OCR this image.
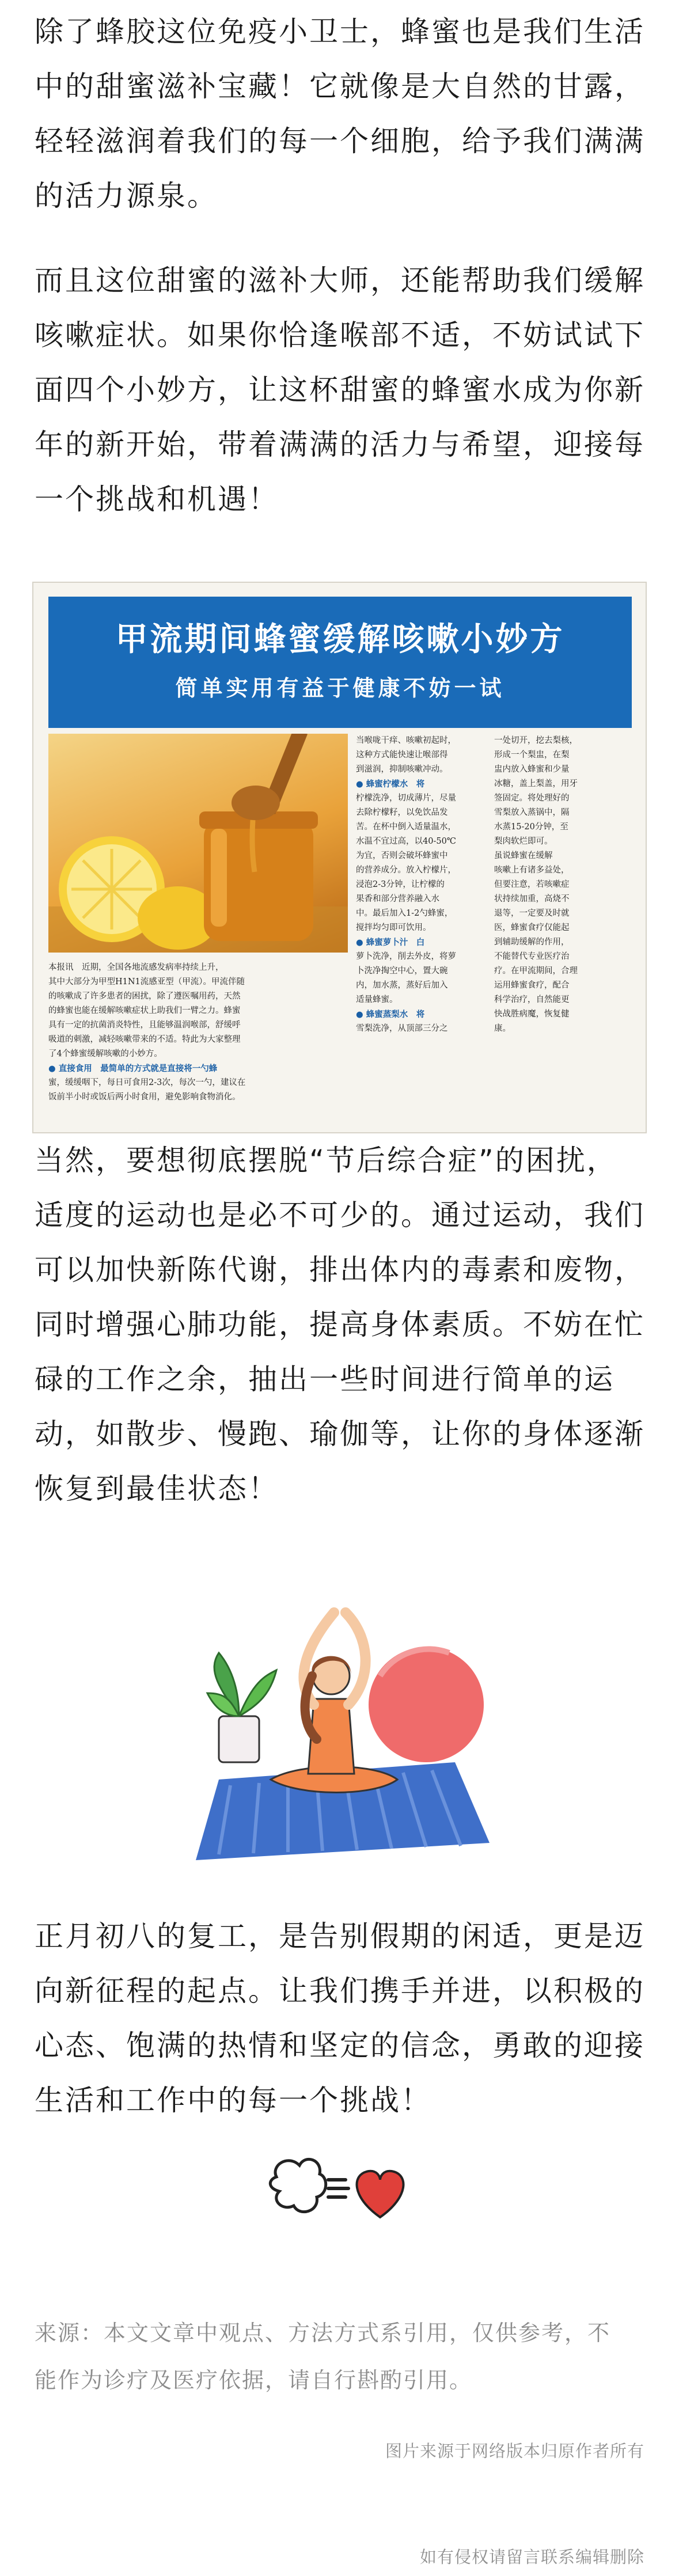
除了蜂胶这位免疫小卫士，蜂蜜也是我们生活
中的甜蜜滋补宝藏！它就像是大自然的甘露，
轻轻滋润着我们的每一个细胞，给予我们满满
的活力源泉。
而且这位甜蜜的滋补大师，还能帮助我们缓解
咳嗽症状。如果你恰逢喉部不适，不妨试试下
面四个小妙方，让这杯甜蜜的蜂蜜水成为你新
年的新开始，带着满满的活力与希望，迎接每
一个挑战和机遇！
甲流期间蜂蜜缓解咳嗽小妙方
简单实用有益于健康不妨一试
本报讯　近期，全国各地流感发病率持续上升，
其中大部分为甲型H1N1流感亚型（甲流）。甲流伴随
的咳嗽成了许多患者的困扰，除了遵医嘱用药，天然
的蜂蜜也能在缓解咳嗽症状上助我们一臂之力。蜂蜜
具有一定的抗菌消炎特性，且能够温润喉部，舒缓呼
吸道的刺激，减轻咳嗽带来的不适。特此为大家整理
了4个蜂蜜缓解咳嗽的小妙方。
● 直接食用　最简单的方式就是直接将一勺蜂
蜜，缓缓咽下，每日可食用2-3次，每次一勺，建议在
饭前半小时或饭后两小时食用，避免影响食物消化。
当喉咙干痒、咳嗽初起时，
这种方式能快速让喉部得
到滋润，抑制咳嗽冲动。
● 蜂蜜柠檬水　将
柠檬洗净，切成薄片，尽量
去除柠檬籽，以免饮品发
苦。在杯中倒入适量温水，
水温不宜过高，以40-50℃
为宜，否则会破坏蜂蜜中
的营养成分。放入柠檬片，
浸泡2-3分钟，让柠檬的
果香和部分营养融入水
中。最后加入1-2勺蜂蜜，
搅拌均匀即可饮用。
● 蜂蜜萝卜汁　白
萝卜洗净，削去外皮，将萝
卜洗净掏空中心，置大碗
内，加水蒸，蒸好后加入
适量蜂蜜。
● 蜂蜜蒸梨水　将
雪梨洗净，从顶部三分之
一处切开，挖去梨核，
形成一个梨盅，在梨
盅内放入蜂蜜和少量
冰糖，盖上梨盖，用牙
签固定。将处理好的
雪梨放入蒸锅中，隔
水蒸15-20分钟，至
梨肉软烂即可。
虽说蜂蜜在缓解
咳嗽上有诸多益处，
但要注意，若咳嗽症
状持续加重，高烧不
退等，一定要及时就
医，蜂蜜食疗仅能起
到辅助缓解的作用，
不能替代专业医疗治
疗。在甲流期间，合理
运用蜂蜜食疗，配合
科学治疗，自然能更
快战胜病魔，恢复健
康。
当然，要想彻底摆脱“节后综合症”的困扰，
适度的运动也是必不可少的。通过运动，我们
可以加快新陈代谢，排出体内的毒素和废物，
同时增强心肺功能，提高身体素质。不妨在忙
碌的工作之余，抽出一些时间进行简单的运
动，如散步、慢跑、瑜伽等，让你的身体逐渐
恢复到最佳状态！
正月初八的复工，是告别假期的闲适，更是迈
向新征程的起点。让我们携手并进，以积极的
心态、饱满的热情和坚定的信念，勇敢的迎接
生活和工作中的每一个挑战！
来源：本文文章中观点、方法方式系引用，仅供参考，不
能作为诊疗及医疗依据，请自行斟酌引用。
图片来源于网络版本归原作者所有
如有侵权请留言联系编辑删除
